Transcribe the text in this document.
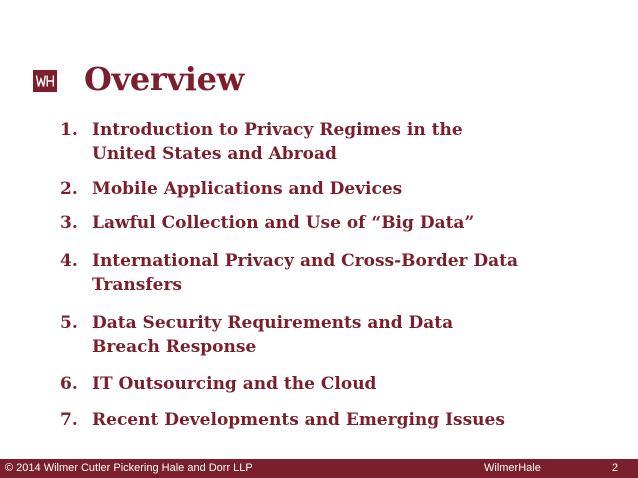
Overview
1. Introduction to Privacy Regimes in the United States and Abroad
2. Mobile Applications and Devices
3. Lawful Collection and Use of “Big Data”
4. International Privacy and Cross-Border Data Transfers
5. Data Security Requirements and Data Breach Response
6. IT Outsourcing and the Cloud
7. Recent Developments and Emerging Issues
© 2014 Wilmer Cutler Pickering Hale and Dorr LLP	WilmerHale	2
